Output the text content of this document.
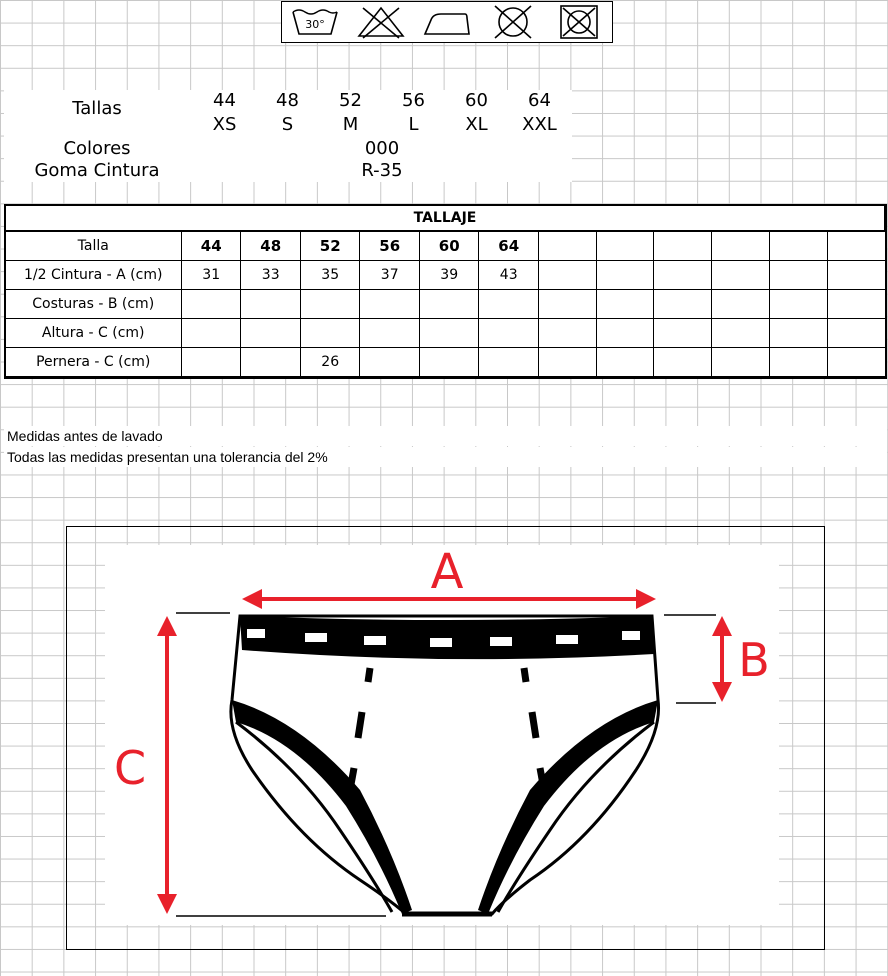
30°
Tallas	44	48	52	56	60	64
XS	S	M	L	XL	XXL
Colores	000
Goma Cintura	R-35
TALLAJE												
Talla	44	48	52	56	60	64						
1/2 Cintura - A (cm)	31	33	35	37	39	43						
Costuras - B (cm)												
Altura - C (cm)												
Pernera - C (cm)			26									
Medidas antes de lavado
Todas las medidas presentan una tolerancia del 2%
A
B
C
